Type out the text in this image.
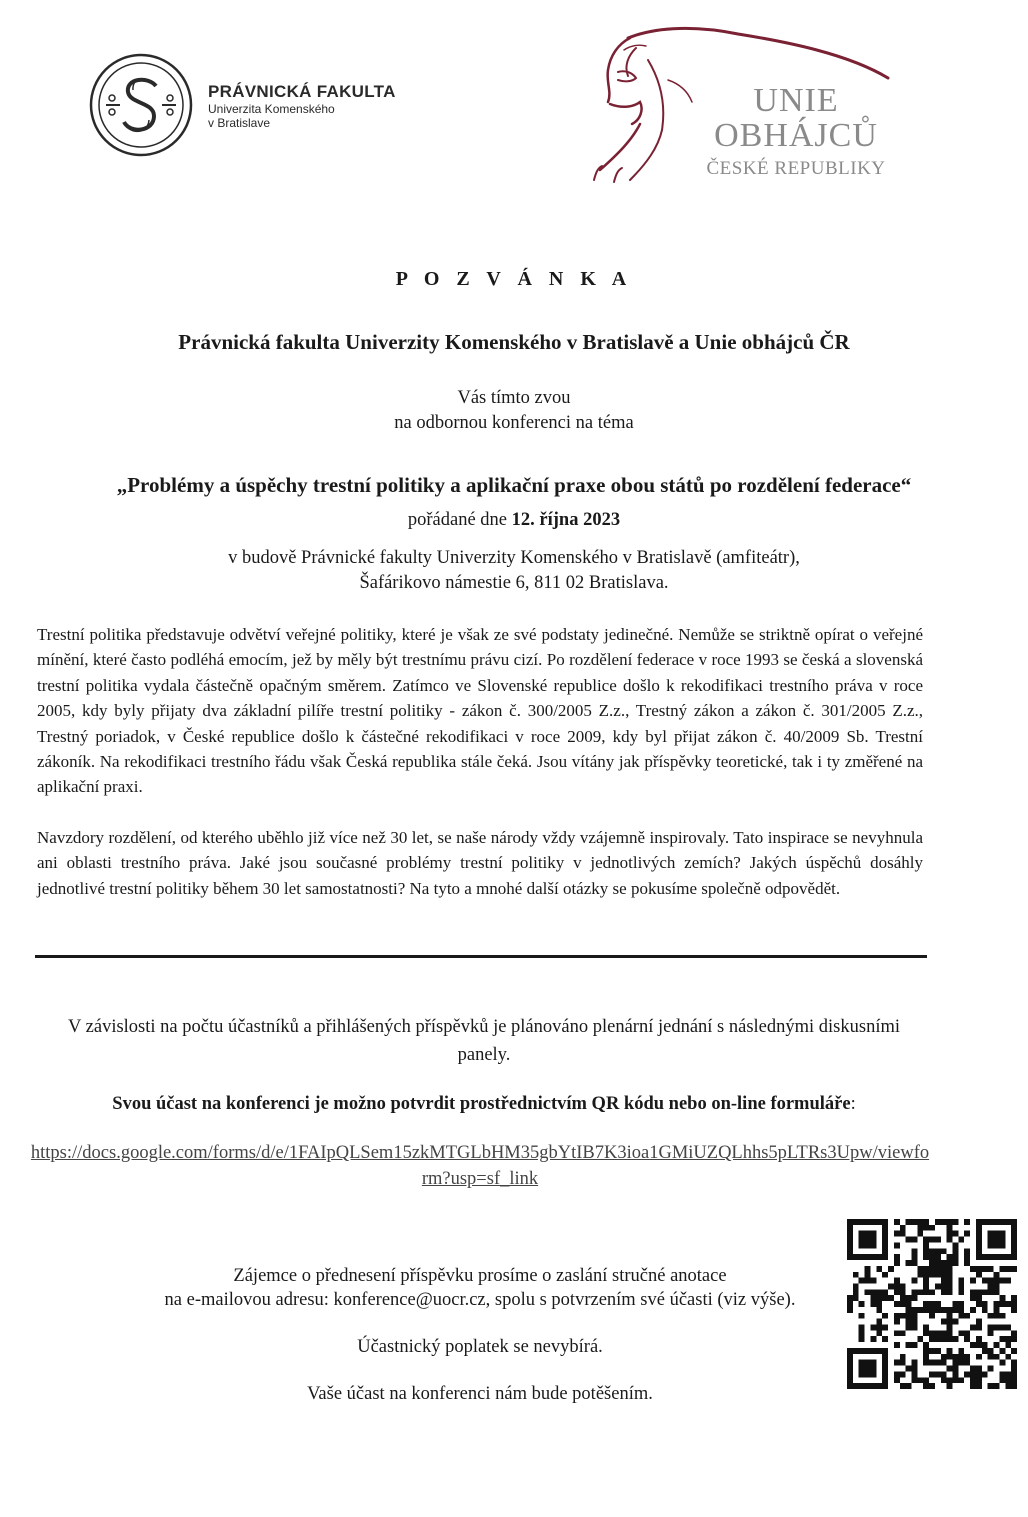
PRÁVNICKÁ FAKULTA
Univerzita Komenského
v Bratislave
UNIE
OBHÁJCŮ
ČESKÉ REPUBLIKY
P O Z V Á N K A
Právnická fakulta Univerzity Komenského v Bratislavě a Unie obhájců ČR
Vás tímto zvou
na odbornou konferenci na téma
„Problémy a úspěchy trestní politiky a aplikační praxe obou států po rozdělení federace“
pořádané dne 12. října 2023
v budově Právnické fakulty Univerzity Komenského v Bratislavě (amfiteátr),
Šafárikovo námestie 6, 811 02 Bratislava.
Trestní politika představuje odvětví veřejné politiky, které je však ze své podstaty jedinečné. Nemůže se striktně opírat o veřejné mínění, které často podléhá emocím, jež by měly být trestnímu právu cizí. Po rozdělení federace v roce 1993 se česká a slovenská trestní politika vydala částečně opačným směrem. Zatímco ve Slovenské republice došlo k rekodifikaci trestního práva v roce 2005, kdy byly přijaty dva základní pilíře trestní politiky - zákon č. 300/2005 Z.z., Trestný zákon a zákon č. 301/2005 Z.z., Trestný poriadok, v České republice došlo k částečné rekodifikaci v roce 2009, kdy byl přijat zákon č. 40/2009 Sb. Trestní zákoník. Na rekodifikaci trestního řádu však Česká republika stále čeká. Jsou vítány jak příspěvky teoretické, tak i ty změřené na aplikační praxi.
Navzdory rozdělení, od kterého uběhlo již více než 30 let, se naše národy vždy vzájemně inspirovaly. Tato inspirace se nevyhnula ani oblasti trestního práva. Jaké jsou současné problémy trestní politiky v jednotlivých zemích? Jakých úspěchů dosáhly jednotlivé trestní politiky během 30 let samostatnosti? Na tyto a mnohé další otázky se pokusíme společně odpovědět.
V závislosti na počtu účastníků a přihlášených příspěvků je plánováno plenární jednání s následnými diskusními panely.
Svou účast na konferenci je možno potvrdit prostřednictvím QR kódu nebo on-line formuláře:
https://docs.google.com/forms/d/e/1FAIpQLSem15zkMTGLbHM35gbYtIB7K3ioa1GMiUZQLhhs5pLTRs3Upw/viewform?usp=sf_link
Zájemce o přednesení příspěvku prosíme o zaslání stručné anotace
na e-mailovou adresu: konference@uocr.cz, spolu s potvrzením své účasti (viz výše).
Účastnický poplatek se nevybírá.
Vaše účast na konferenci nám bude potěšením.
